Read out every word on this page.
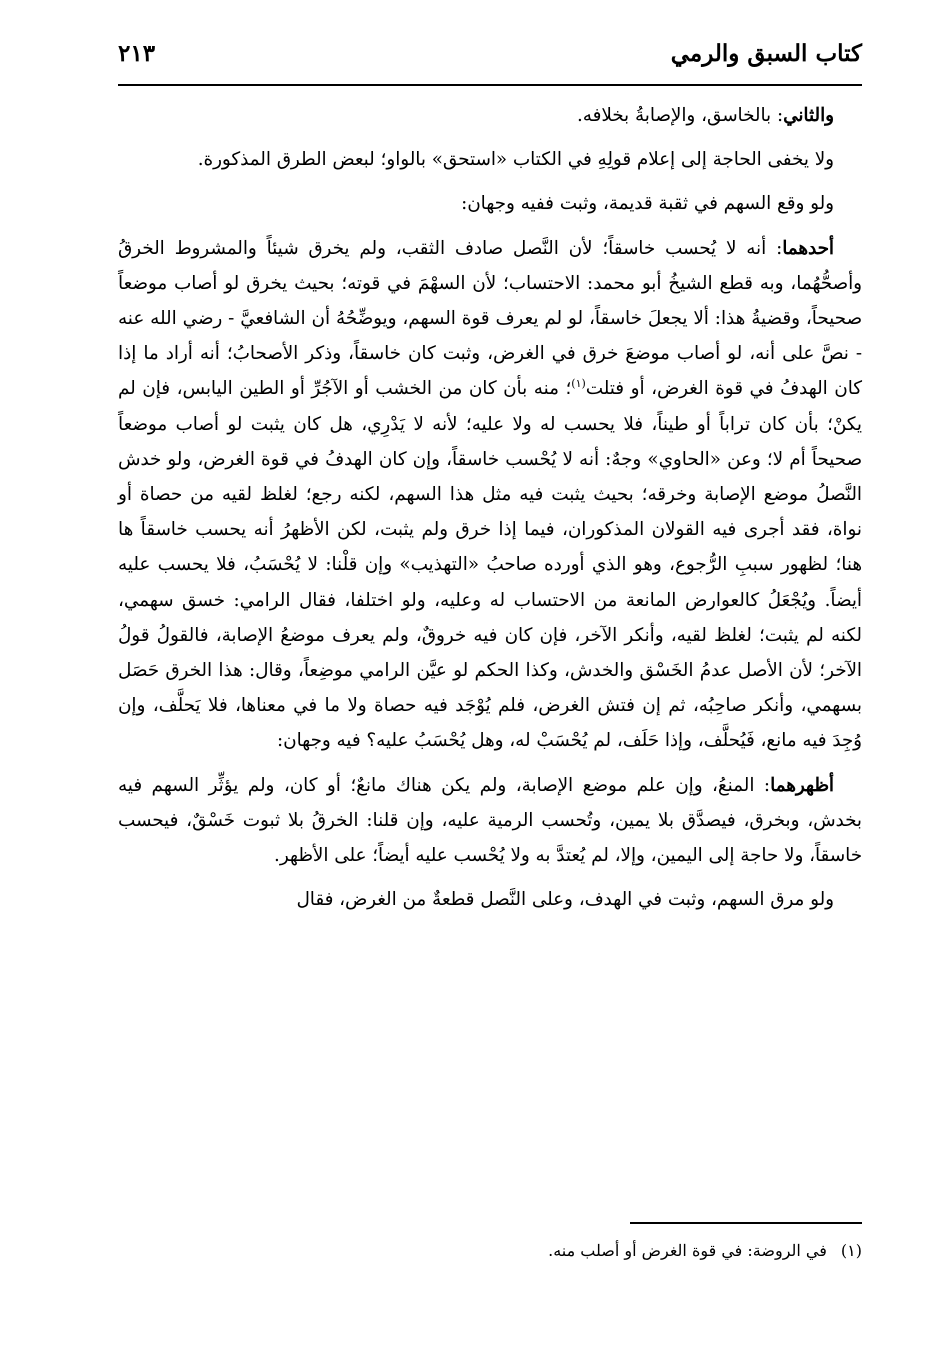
كتاب السبق والرمي
٢١٣

والثاني: بالخاسق، والإصابةُ بخلافه.

ولا يخفى الحاجة إلى إعلام قولِهِ في الكتاب «استحق» بالواو؛ لبعض الطرق المذكورة.

ولو وقع السهم في ثقبة قديمة، وثبت ففيه وجهان:

أحدهما: أنه لا يُحسب خاسقاً؛ لأن النَّصل صادف الثقب، ولم يخرق شيئاً والمشروط الخرقُ وأصحُّهُما، وبه قطع الشيخُ أبو محمد: الاحتساب؛ لأن السهْمَ في قوته؛ بحيث يخرق لو أصاب موضعاً صحيحاً، وقضيةُ هذا: ألا يجعلَ خاسقاً، لو لم يعرف قوة السهم، ويوضِّحُهُ أن الشافعيَّ - رضي الله عنه - نصَّ على أنه، لو أصاب موضعَ خرق في الغرض، وثبت كان خاسقاً، وذكر الأصحابُ؛ أنه أراد ما إذا كان الهدفُ في قوة الغرض، أو فتلت$^{(١)}$؛ منه بأن كان من الخشب أو الآجُرِّ أو الطين اليابس، فإن لم يكنْ؛ بأن كان تراباً أو طيناً، فلا يحسب له ولا عليه؛ لأنه لا يَدْرِي، هل كان يثبت لو أصاب موضعاً صحيحاً أم لا؛ وعن «الحاوي» وجهٌ: أنه لا يُحْسب خاسقاً، وإن كان الهدفُ في قوة الغرض، ولو خدش النَّصلُ موضع الإصابة وخرقه؛ بحيث يثبت فيه مثل هذا السهم، لكنه رجع؛ لغلظ لقيه من حصاة أو نواة، فقد أجرى فيه القولان المذكوران، فيما إذا خرق ولم يثبت، لكن الأظهرُ أنه يحسب خاسقاً ها هنا؛ لظهور سببِ الرُّجوع، وهو الذي أورده صاحبُ «التهذيب» وإن قلْنا: لا يُحْسَبُ، فلا يحسب عليه أيضاً. ويُجْعَلُ كالعوارض المانعة من الاحتساب له وعليه، ولو اختلفا، فقال الرامي: خسق سهمي، لكنه لم يثبت؛ لغلظ لقيه، وأنكر الآخر، فإن كان فيه خروقٌ، ولم يعرف موضعُ الإصابة، فالقولُ قولُ الآخر؛ لأن الأصل عدمُ الخَسْق والخدش، وكذا الحكم لو عيَّن الرامي موضِعاً، وقال: هذا الخرق حَصَل بسهمي، وأنكر صاحِبُه، ثم إن فتش الغرض، فلم يُوْجَد فيه حصاة ولا ما في معناها، فلا يَحلَّف، وإن وُجِدَ فيه مانع، فَيُحلَّف، وإذا حَلَف، لم يُحْسَبْ له، وهل يُحْسَبُ عليه؟ فيه وجهان:

أظهرهما: المنعُ، وإن علم موضع الإصابة، ولم يكن هناك مانعٌ؛ أو كان، ولم يؤثِّر السهم فيه بخدش، وبخرق، فيصدَّق بلا يمين، وتُحسب الرمية عليه، وإن قلنا: الخرقُ بلا ثبوت خَسْقٌ، فيحسب خاسقاً، ولا حاجة إلى اليمين، وإلا، لم يُعتدَّ به ولا يُحْسب عليه أيضاً؛ على الأظهر.

ولو مرق السهم، وثبت في الهدف، وعلى النَّصل قطعةٌ من الغرض، فقال

(١)في الروضة: في قوة الغرض أو أصلب منه.
